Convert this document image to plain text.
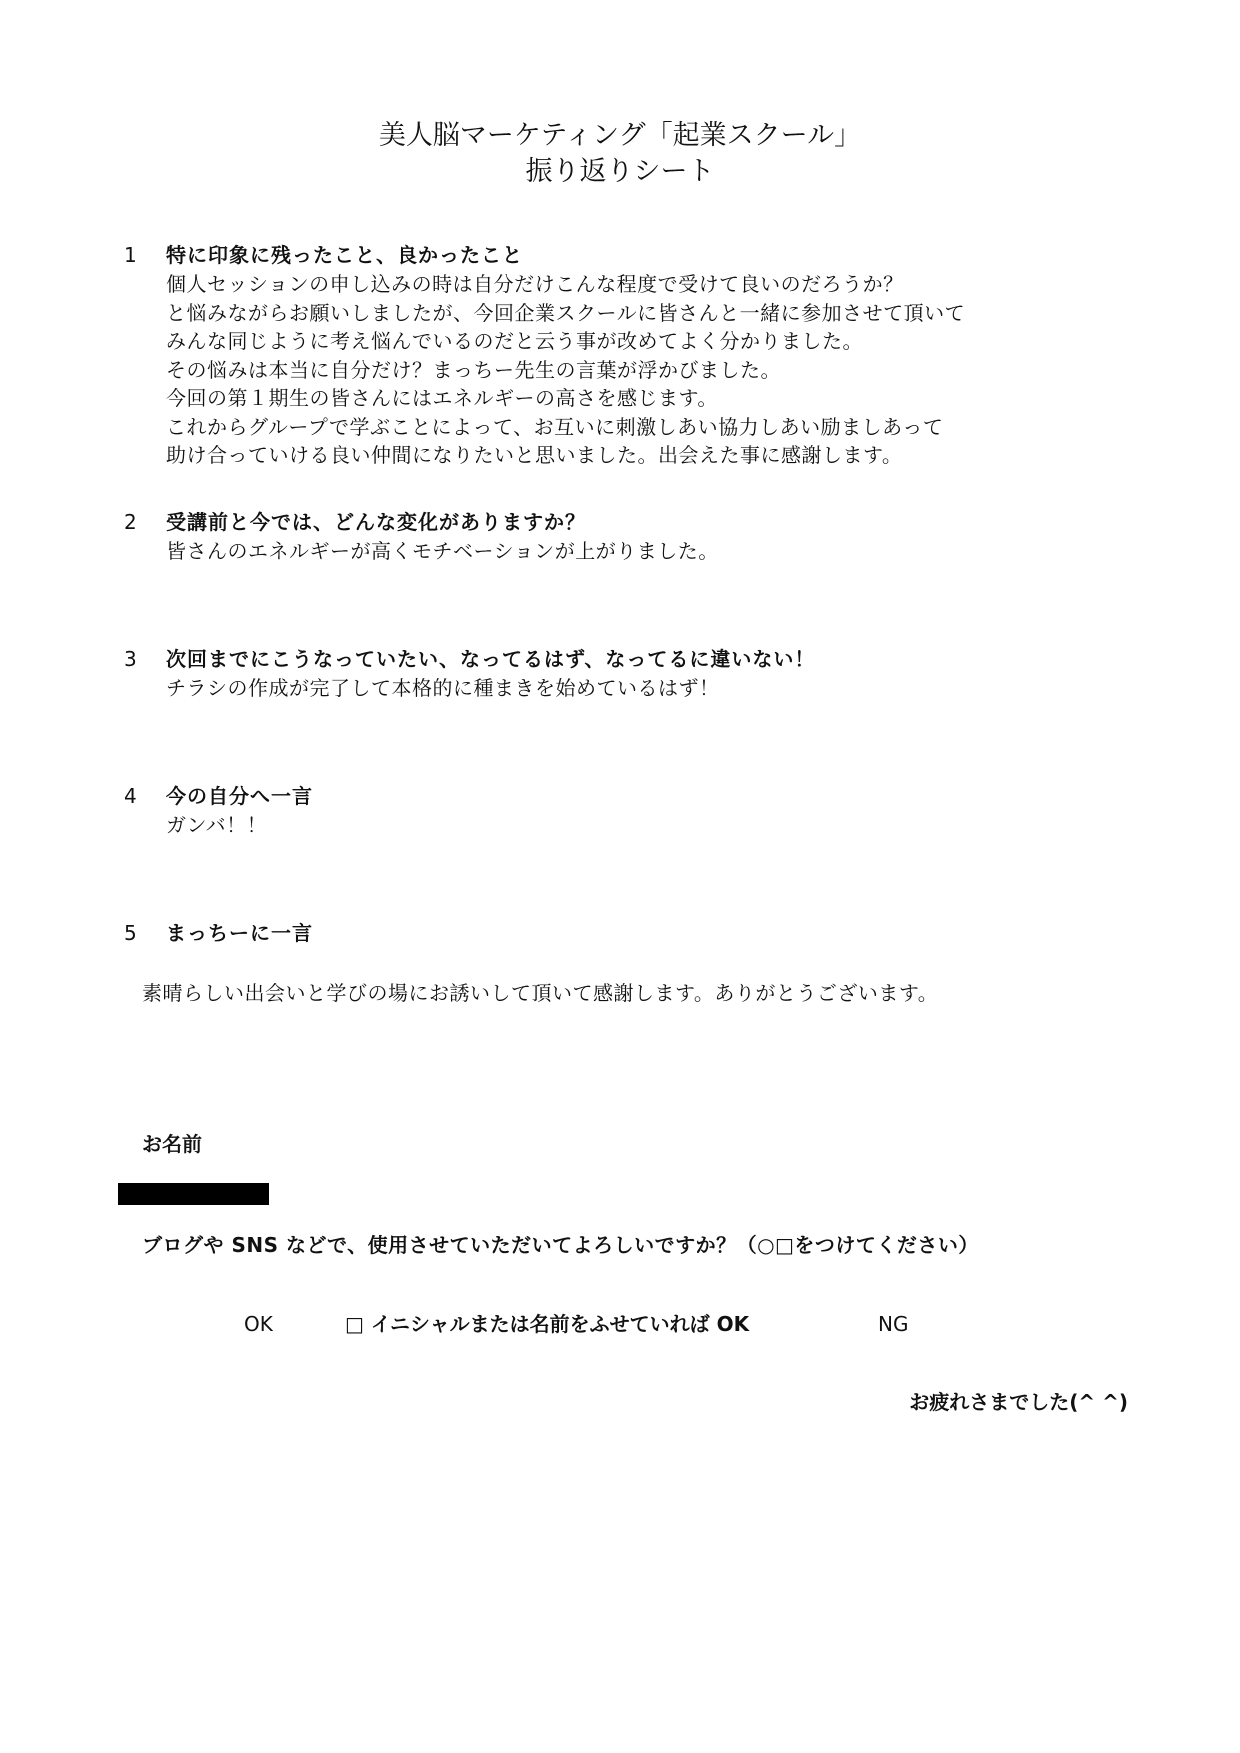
美人脳マーケティング「起業スクール」
振り返りシート
1 特に印象に残ったこと、良かったこと
個人セッションの申し込みの時は自分だけこんな程度で受けて良いのだろうか？
と悩みながらお願いしましたが、今回企業スクールに皆さんと一緒に参加させて頂いて
みんな同じように考え悩んでいるのだと云う事が改めてよく分かりました。
その悩みは本当に自分だけ？まっちー先生の言葉が浮かびました。
今回の第１期生の皆さんにはエネルギーの高さを感じます。
これからグループで学ぶことによって、お互いに刺激しあい協力しあい励ましあって
助け合っていける良い仲間になりたいと思いました。出会えた事に感謝します。
2 受講前と今では、どんな変化がありますか？
皆さんのエネルギーが高くモチベーションが上がりました。
3 次回までにこうなっていたい、なってるはず、なってるに違いない！
チラシの作成が完了して本格的に種まきを始めているはず！
4 今の自分へ一言
ガンバ！！
5 まっちーに一言
素晴らしい出会いと学びの場にお誘いして頂いて感謝します。ありがとうございます。
お名前
ブログや SNS などで、使用させていただいてよろしいですか？（○□をつけてください）
OK	□ イニシャルまたは名前をふせていれば OK	NG
お疲れさまでした(^ ^)
